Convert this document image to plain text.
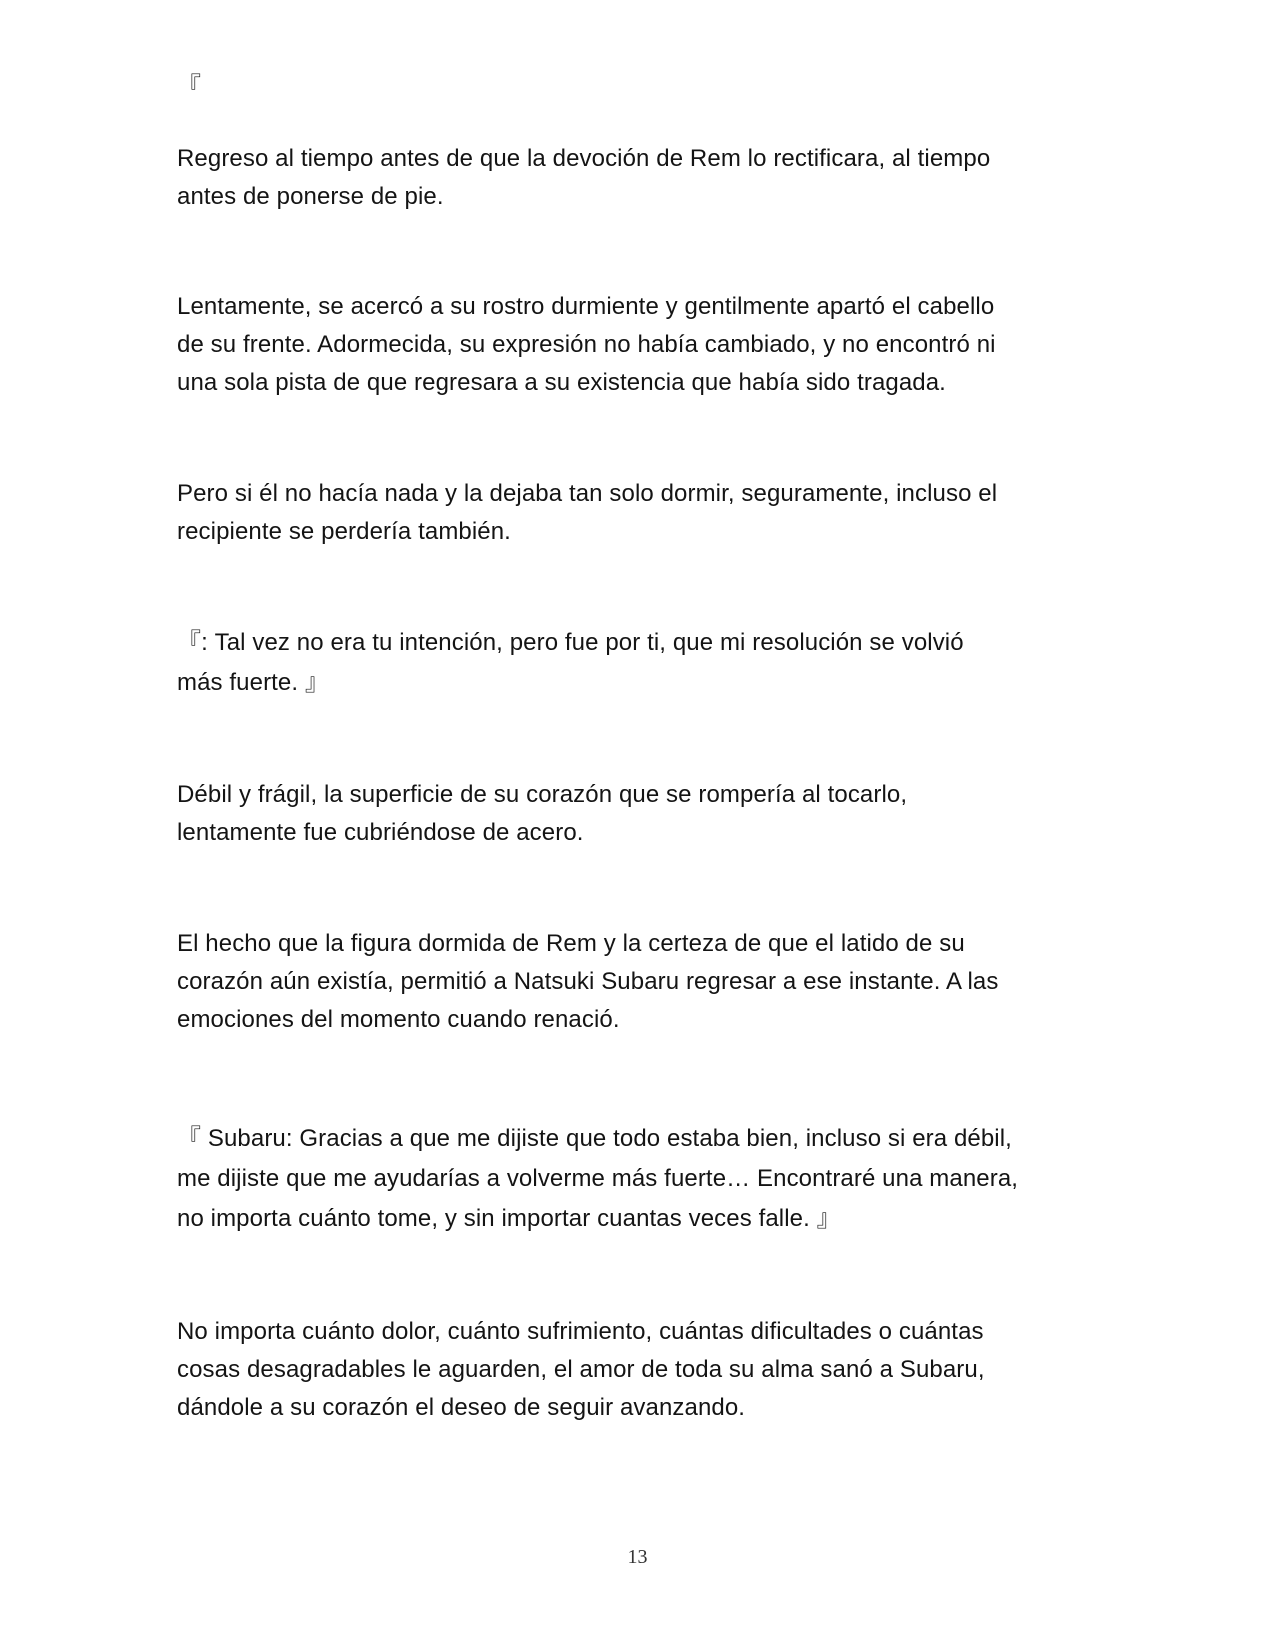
『
Regreso al tiempo antes de que la devoción de Rem lo rectificara, al tiempo
antes de ponerse de pie.
Lentamente, se acercó a su rostro durmiente y gentilmente apartó el cabello
de su frente. Adormecida, su expresión no había cambiado, y no encontró ni
una sola pista de que regresara a su existencia que había sido tragada.
Pero si él no hacía nada y la dejaba tan solo dormir, seguramente, incluso el
recipiente se perdería también.
『: Tal vez no era tu intención, pero fue por ti, que mi resolución se volvió
más fuerte. 』
Débil y frágil, la superficie de su corazón que se rompería al tocarlo,
lentamente fue cubriéndose de acero.
El hecho que la figura dormida de Rem y la certeza de que el latido de su
corazón aún existía, permitió a Natsuki Subaru regresar a ese instante. A las
emociones del momento cuando renació.
『 Subaru: Gracias a que me dijiste que todo estaba bien, incluso si era débil,
me dijiste que me ayudarías a volverme más fuerte… Encontraré una manera,
no importa cuánto tome, y sin importar cuantas veces falle. 』
No importa cuánto dolor, cuánto sufrimiento, cuántas dificultades o cuántas
cosas desagradables le aguarden, el amor de toda su alma sanó a Subaru,
dándole a su corazón el deseo de seguir avanzando.
13
